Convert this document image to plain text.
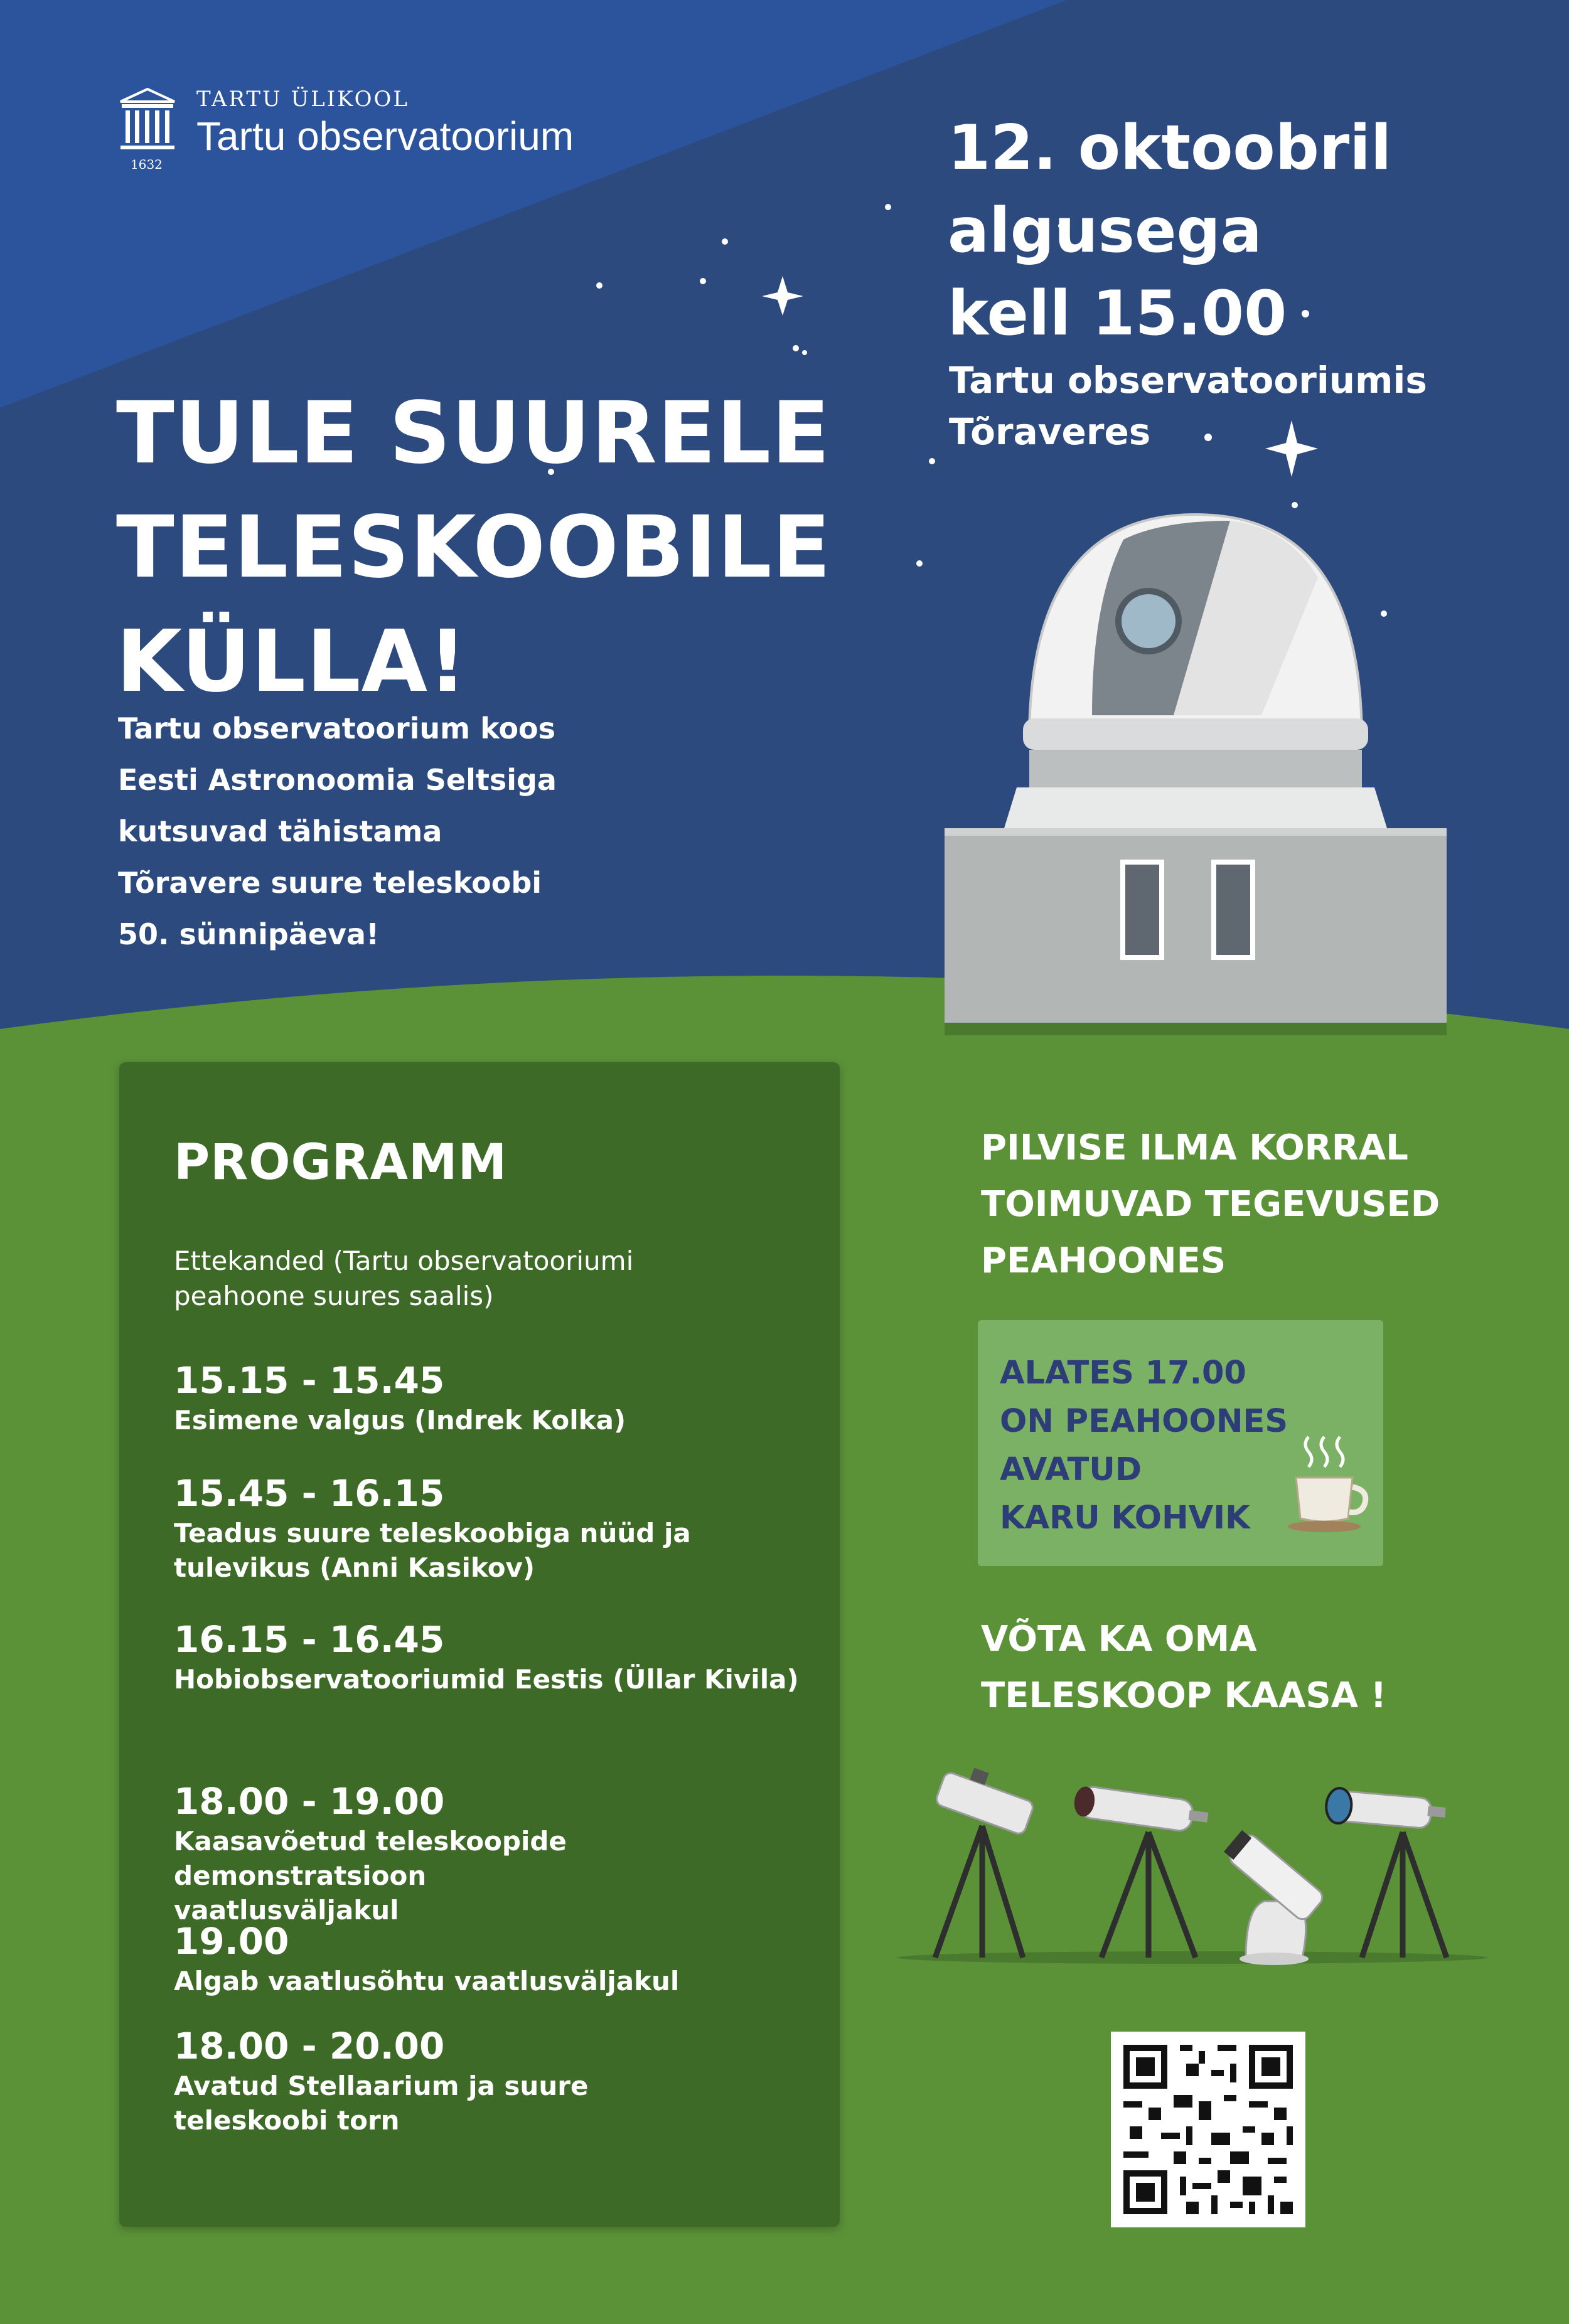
TARTU ÜLIKOOL
Tartu observatoorium
1632	12. oktoobril
algusega
kell 15.00
Tartu observatooriumis
Tõraveres
TULE SUURELE
TELESKOOBILE
KÜLLA!
Tartu observatoorium koos
Eesti Astronoomia Seltsiga
kutsuvad tähistama
Tõravere suure teleskoobi
50. sünnipäeva!
PROGRAMM
Ettekanded (Tartu observatooriumi
peahoone suures saalis)
15.15 - 15.45
Esimene valgus (Indrek Kolka)
15.45 - 16.15
Teadus suure teleskoobiga nüüd ja
tulevikus (Anni Kasikov)
16.15 - 16.45
Hobiobservatooriumid Eestis (Üllar Kivila)
18.00 - 19.00
Kaasavõetud teleskoopide demonstratsioon
vaatlusväljakul
19.00
Algab vaatlusõhtu vaatlusväljakul
18.00 - 20.00
Avatud Stellaarium ja suure
teleskoobi torn
PILVISE ILMA KORRAL
TOIMUVAD TEGEVUSED
PEAHOONES
ALATES 17.00
ON PEAHOONES
AVATUD
KARU KOHVIK
VÕTA KA OMA
TELESKOOP KAASA !
